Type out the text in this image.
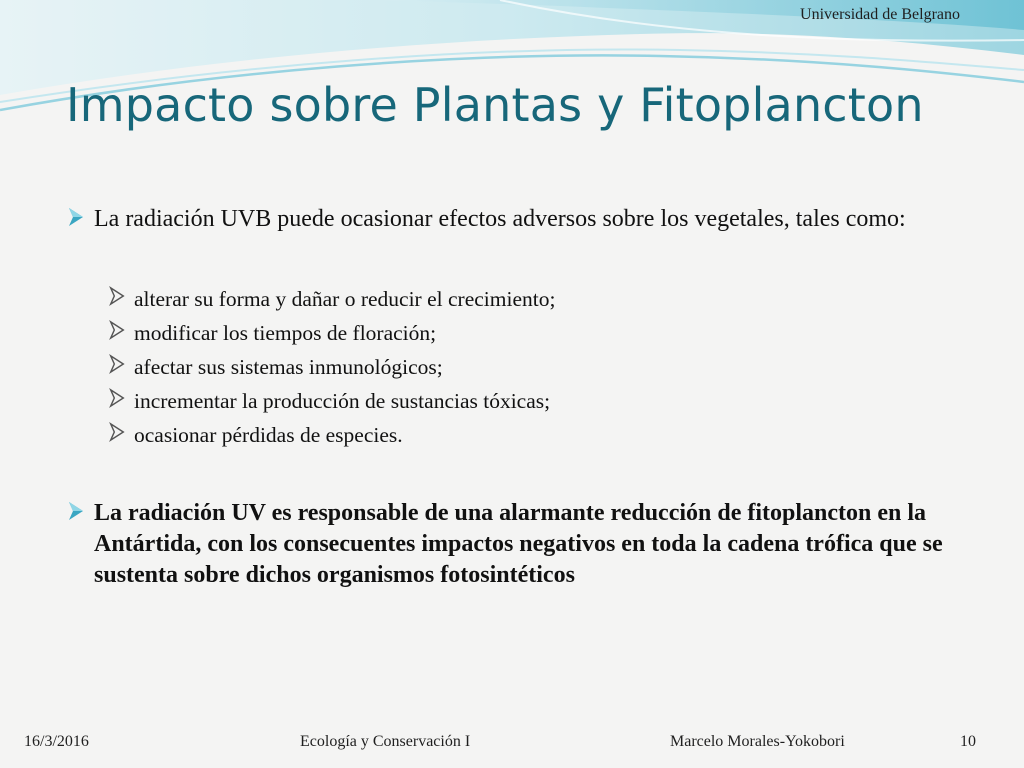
Universidad de Belgrano
Impacto sobre Plantas y Fitoplancton
La radiación UVB puede ocasionar efectos adversos sobre los vegetales, tales como:
alterar su forma y dañar o reducir el crecimiento;
modificar los tiempos de floración;
afectar sus sistemas inmunológicos;
incrementar la producción de sustancias tóxicas;
ocasionar pérdidas de especies.
La radiación UV es responsable de una alarmante reducción de fitoplancton en la Antártida, con los consecuentes impactos negativos en toda la cadena trófica que se sustenta sobre dichos organismos fotosintéticos
16/3/2016	Ecología y Conservación I	Marcelo Morales-Yokobori	10
